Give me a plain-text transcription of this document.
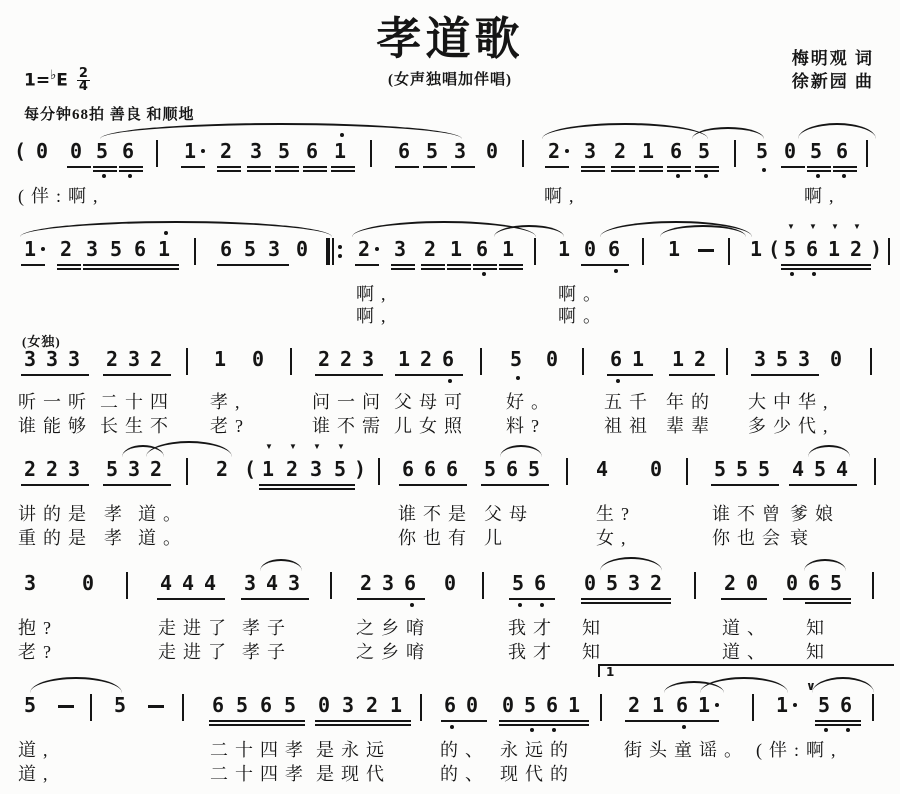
孝道歌
(女声独唱加伴唱)
梅明观 词
徐新园 曲
$1=^♭E \frac{2}{4}$
每分钟68拍 善良 和顺地
( 0 0 5 6 1 2 3 5 6 1	6 5 3 0 2 3 2 1 6 5 5 0 5 6
(伴:啊,	啊,	啊,
1 2 3 5 6 1 6 5 3 0 2 3 2 1 6 1 1 0 6 1	1 ( 5
▼
6
▼
1
▼
2
▼
)
啊,	啊。
啊,	啊。
(女独)
3 3 3 2 3 2	1 0	2 2 3 1 2 6	5 0	6 1 1 2 3 5 3 0
听一听 二十四 孝,	问一问 父母可 好。	五千 年的 大中华,
谁能够 长生不 老?	谁不需 儿女照 料?	祖祖 辈辈 多少代,
2 2 3 5 3 2	2 ( 1
▼
2
▼
3
▼
5
▼
) 6 6 6 5 6 5	4 0	5 5 5 4 5 4
讲的是 孝 道。	谁不是 父母	生?	谁不曾 爹娘
重的是 孝 道。	你也有 儿	女,	你也会 衰
3 0	4 4 4 3 4 3	2 3 6 0	5 6 0 5 3 2	2 0 0 6 5
抱?	走进了 孝子	之乡唷	我才 知	道、 知
老?	走进了 孝子	之乡唷	我才 知	道、 知
5	5	6 5 6 5 0 3 2 1 6 0 0 5 6 1 2 1 6 1	1
∨
5 6
1
道,	二十四孝 是永远	的、 永远的	街头童谣。 (伴:啊,
道,	二十四孝 是现代	的、 现代的
